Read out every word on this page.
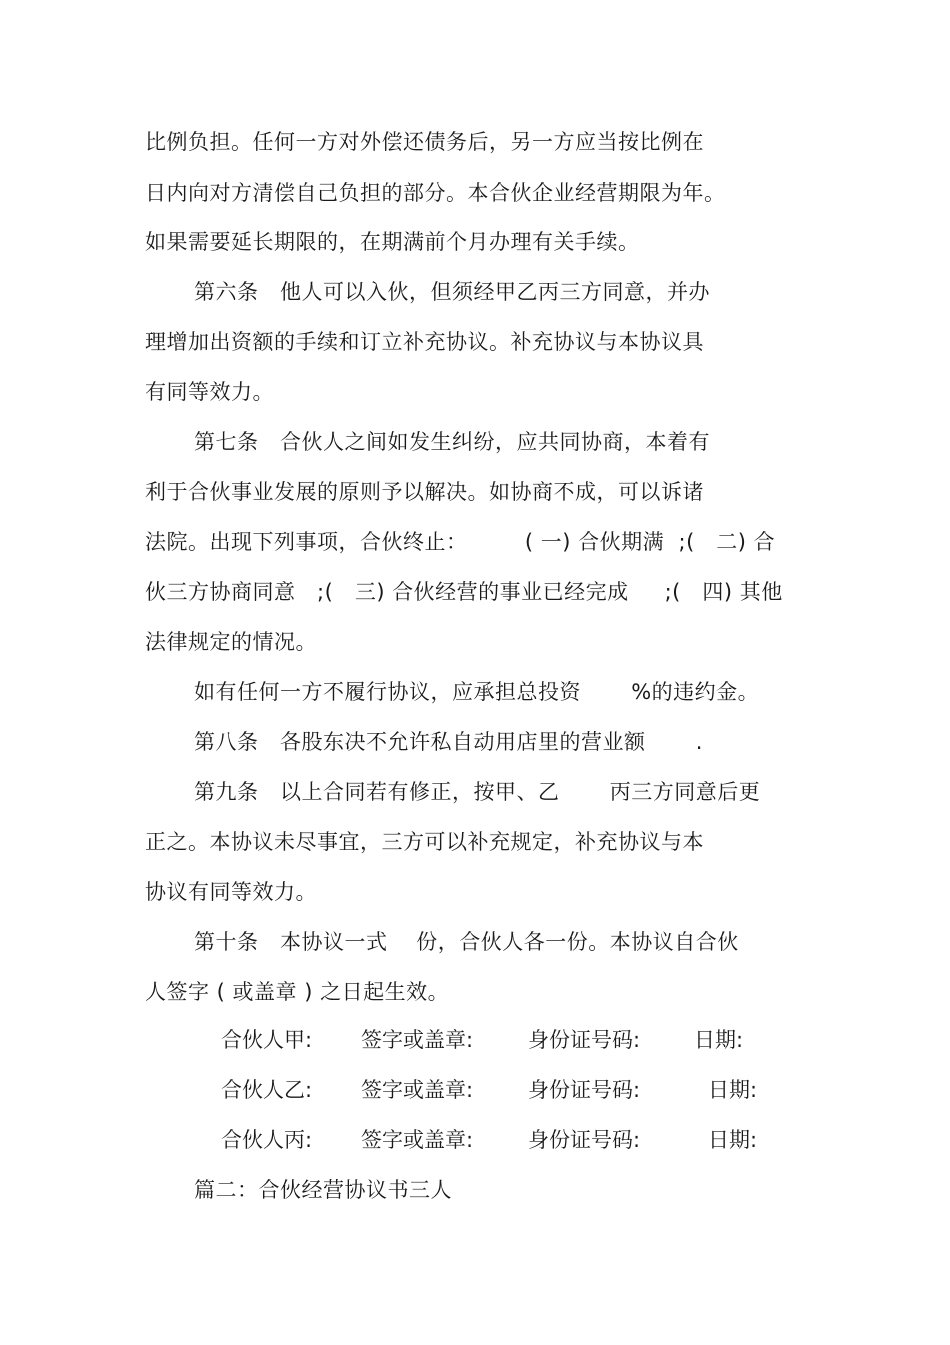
比例负担。任何一方对外偿还债务后，另一方应当按比例在
日内向对方清偿自己负担的部分。本合伙企业经营期限为年。
如果需要延长期限的，在期满前个月办理有关手续。
第六条   他人可以入伙，但须经甲乙丙三方同意，并办
理增加出资额的手续和订立补充协议。补充协议与本协议具
有同等效力。
第七条   合伙人之间如发生纠纷，应共同协商，本着有
利于合伙事业发展的原则予以解决。如协商不成，可以诉诸
法院。出现下列事项，合伙终止：        ( 一) 合伙期满  ;(   二) 合
伙三方协商同意   ;(   三) 合伙经营的事业已经完成     ;(   四) 其他
法律规定的情况。
如有任何一方不履行协议，应承担总投资       %的违约金。
第八条   各股东决不允许私自动用店里的营业额       .
第九条   以上合同若有修正，按甲、乙       丙三方同意后更
正之。本协议未尽事宜，三方可以补充规定，补充协议与本
协议有同等效力。
第十条   本协议一式    份，合伙人各一份。本协议自合伙
人签字 ( 或盖章 ) 之日起生效。
合伙人甲: 签字或盖章:	身份证号码:	日期:
合伙人乙: 签字或盖章:	身份证号码:	日期:
合伙人丙: 签字或盖章:	身份证号码:	日期:
篇二：合伙经营协议书三人
